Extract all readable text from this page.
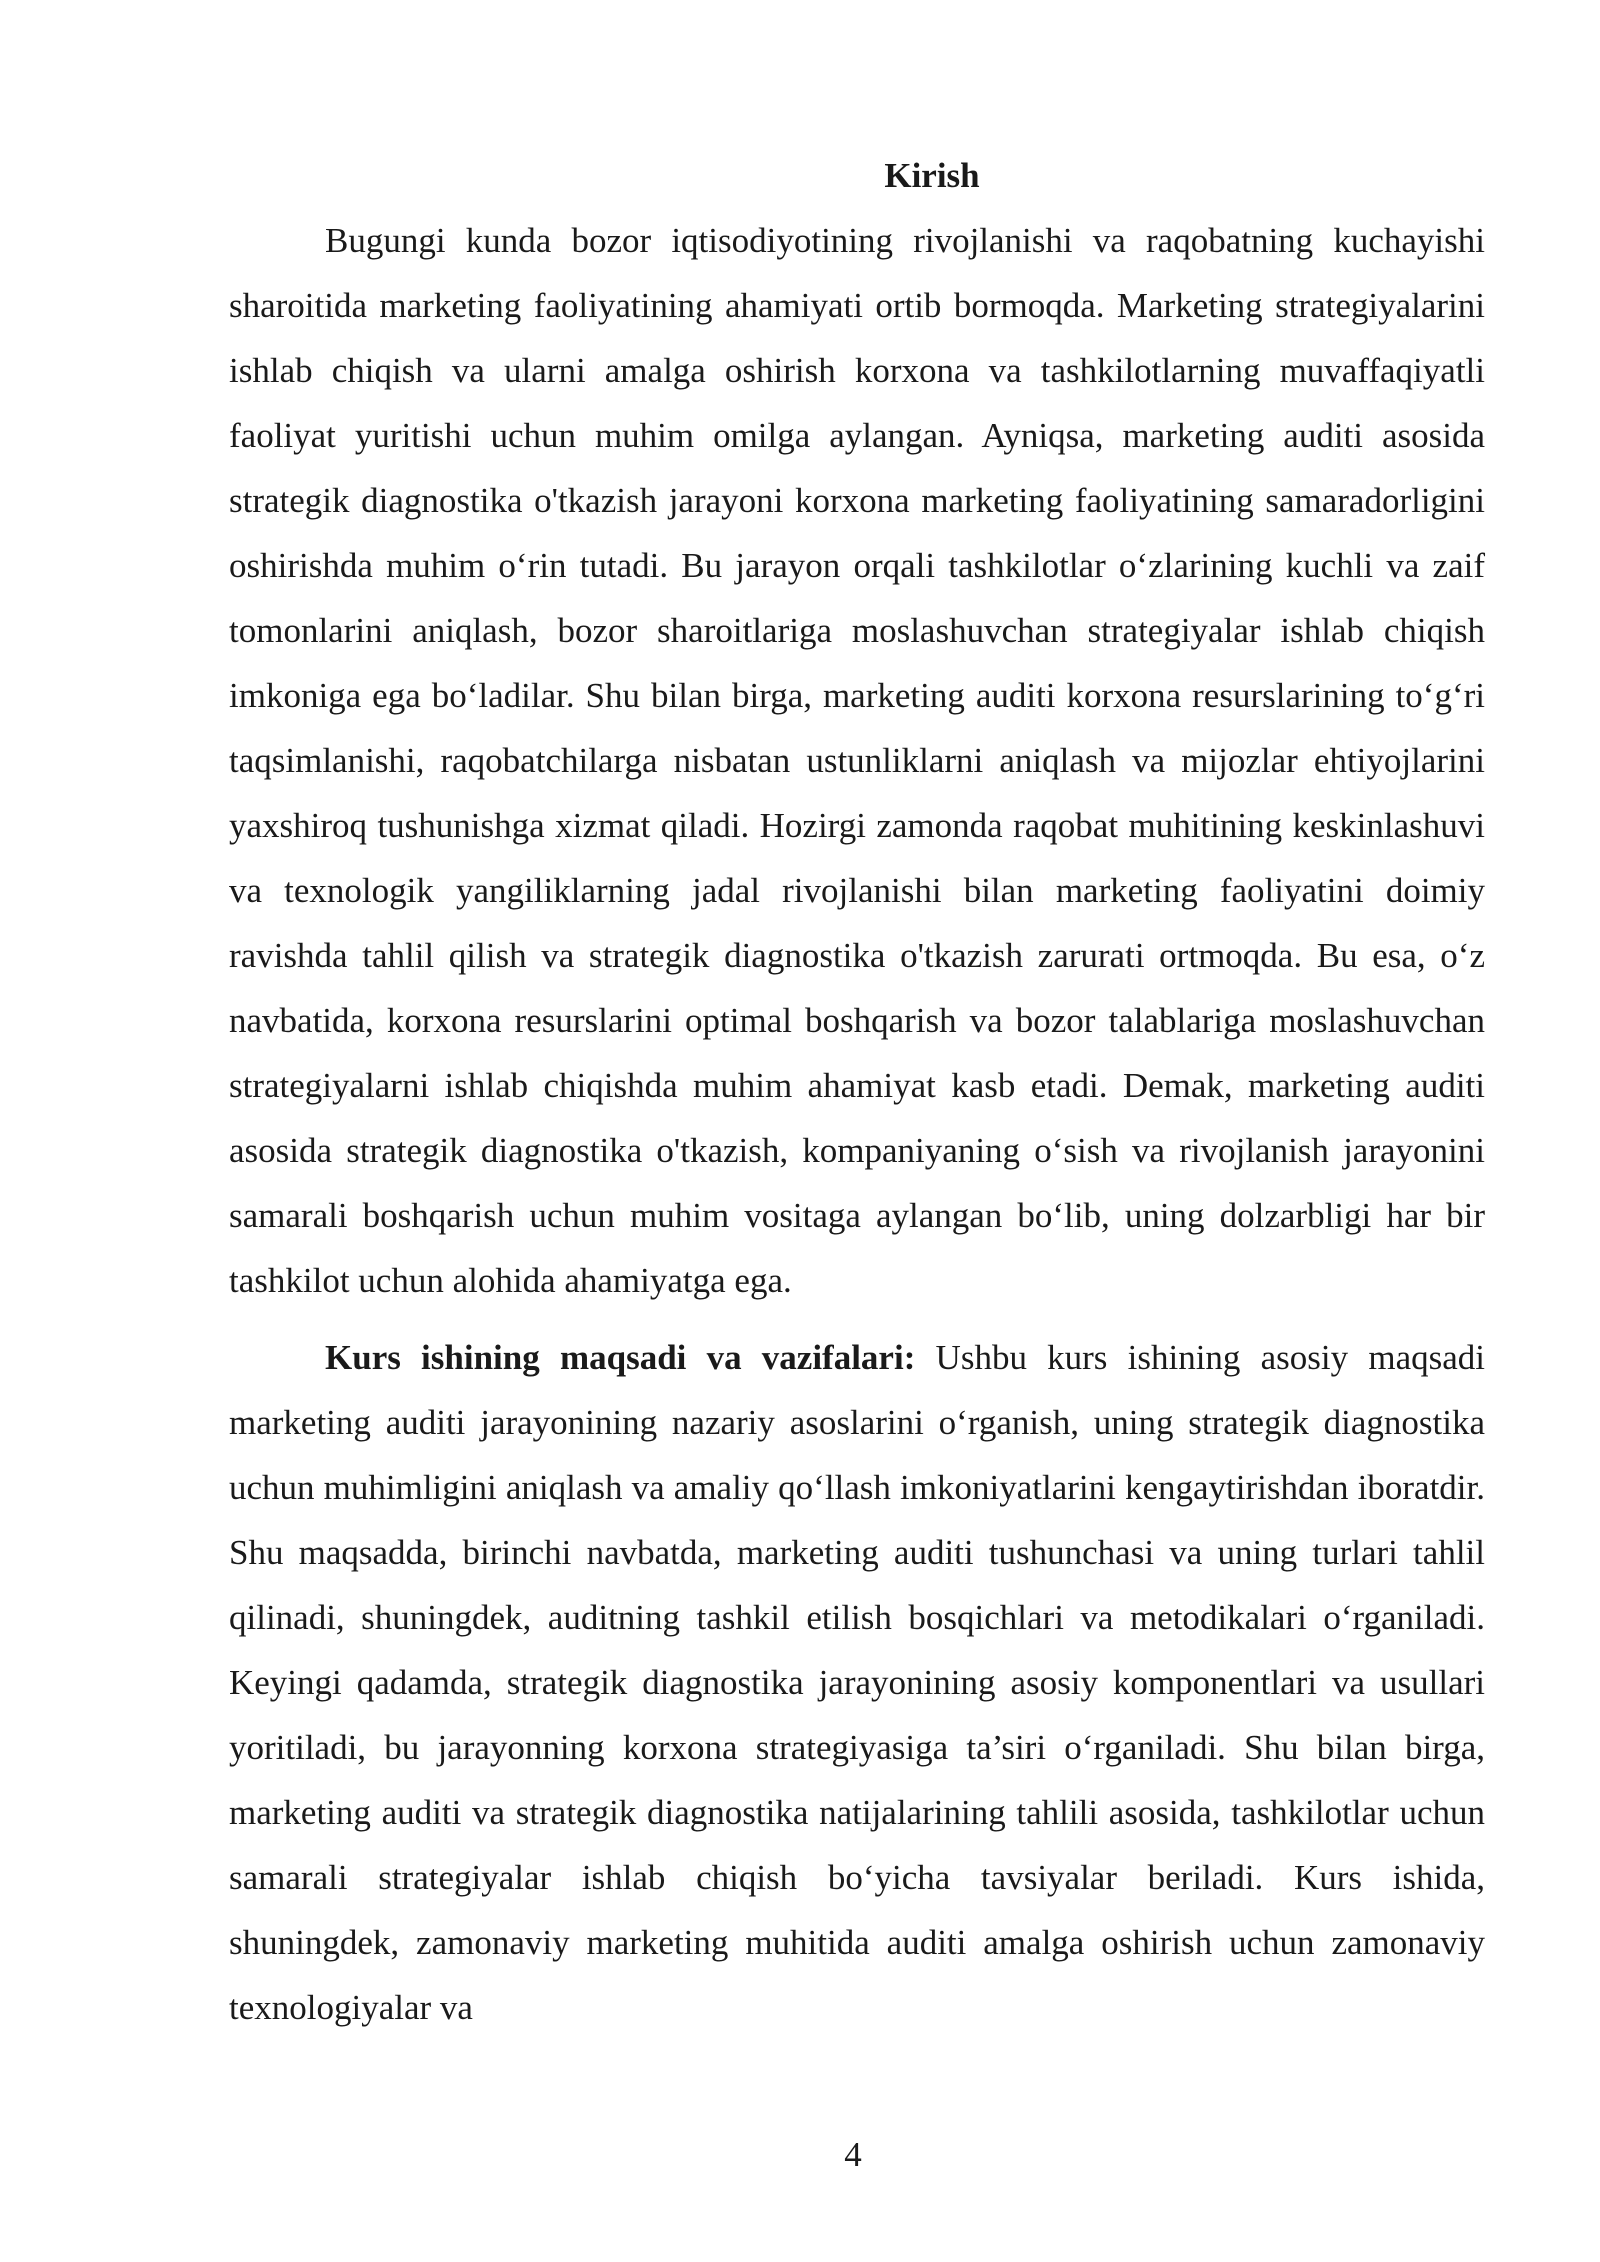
Kirish

Bugungi kunda bozor iqtisodiyotining rivojlanishi va raqobatning kuchayishi sharoitida marketing faoliyatining ahamiyati ortib bormoqda. Marketing strategiyalarini ishlab chiqish va ularni amalga oshirish korxona va tashkilotlarning muvaffaqiyatli faoliyat yuritishi uchun muhim omilga aylangan. Ayniqsa, marketing auditi asosida strategik diagnostika o'tkazish jarayoni korxona marketing faoliyatining samaradorligini oshirishda muhim o‘rin tutadi. Bu jarayon orqali tashkilotlar o‘zlarining kuchli va zaif tomonlarini aniqlash, bozor sharoitlariga moslashuvchan strategiyalar ishlab chiqish imkoniga ega bo‘ladilar. Shu bilan birga, marketing auditi korxona resurslarining to‘g‘ri taqsimlanishi, raqobatchilarga nisbatan ustunliklarni aniqlash va mijozlar ehtiyojlarini yaxshiroq tushunishga xizmat qiladi. Hozirgi zamonda raqobat muhitining keskinlashuvi va texnologik yangiliklarning jadal rivojlanishi bilan marketing faoliyatini doimiy ravishda tahlil qilish va strategik diagnostika o'tkazish zarurati ortmoqda. Bu esa, o‘z navbatida, korxona resurslarini optimal boshqarish va bozor talablariga moslashuvchan strategiyalarni ishlab chiqishda muhim ahamiyat kasb etadi. Demak, marketing auditi asosida strategik diagnostika o'tkazish, kompaniyaning o‘sish va rivojlanish jarayonini samarali boshqarish uchun muhim vositaga aylangan bo‘lib, uning dolzarbligi har bir tashkilot uchun alohida ahamiyatga ega.

Kurs ishining maqsadi va vazifalari: Ushbu kurs ishining asosiy maqsadi marketing auditi jarayonining nazariy asoslarini o‘rganish, uning strategik diagnostika uchun muhimligini aniqlash va amaliy qo‘llash imkoniyatlarini kengaytirishdan iboratdir. Shu maqsadda, birinchi navbatda, marketing auditi tushunchasi va uning turlari tahlil qilinadi, shuningdek, auditning tashkil etilish bosqichlari va metodikalari o‘rganiladi. Keyingi qadamda, strategik diagnostika jarayonining asosiy komponentlari va usullari yoritiladi, bu jarayonning korxona strategiyasiga ta’siri o‘rganiladi. Shu bilan birga, marketing auditi va strategik diagnostika natijalarining tahlili asosida, tashkilotlar uchun samarali strategiyalar ishlab chiqish bo‘yicha tavsiyalar beriladi. Kurs ishida, shuningdek, zamonaviy marketing muhitida auditi amalga oshirish uchun zamonaviy texnologiyalar va

4
